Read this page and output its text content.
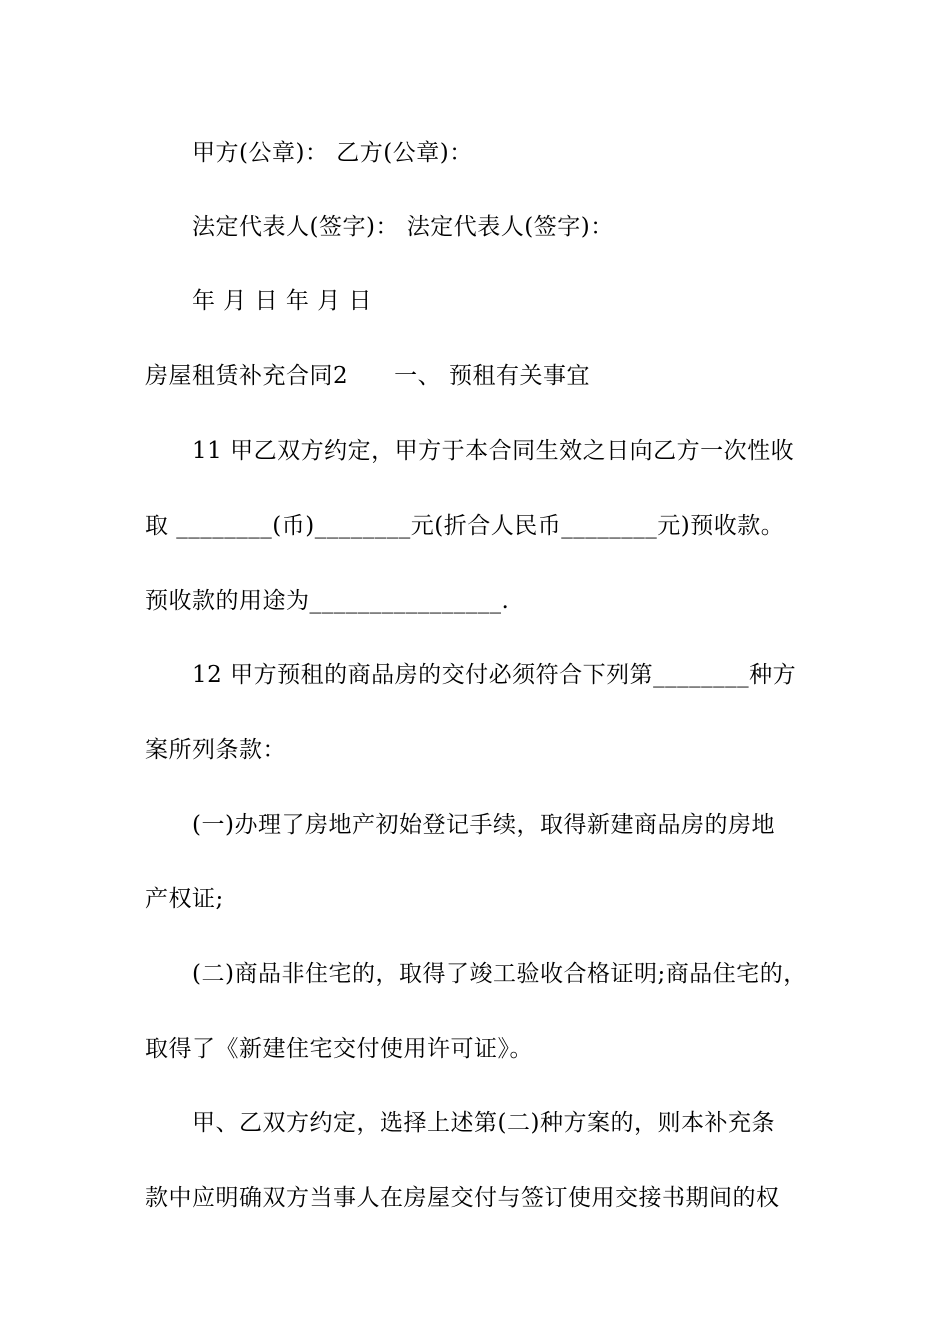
甲方(公章)： 乙方(公章)：
法定代表人(签字)： 法定代表人(签字)：
年 月 日 年 月 日
房屋租赁补充合同2 一、 预租有关事宜
11 甲乙双方约定，甲方于本合同生效之日向乙方一次性收
取 ________(币)________元(折合人民币________元)预收款。
预收款的用途为________________.
12 甲方预租的商品房的交付必须符合下列第________种方
案所列条款：
(一)办理了房地产初始登记手续，取得新建商品房的房地
产权证;
(二)商品非住宅的，取得了竣工验收合格证明;商品住宅的，
取得了《新建住宅交付使用许可证》。
甲、乙双方约定，选择上述第(二)种方案的，则本补充条
款中应明确双方当事人在房屋交付与签订使用交接书期间的权
